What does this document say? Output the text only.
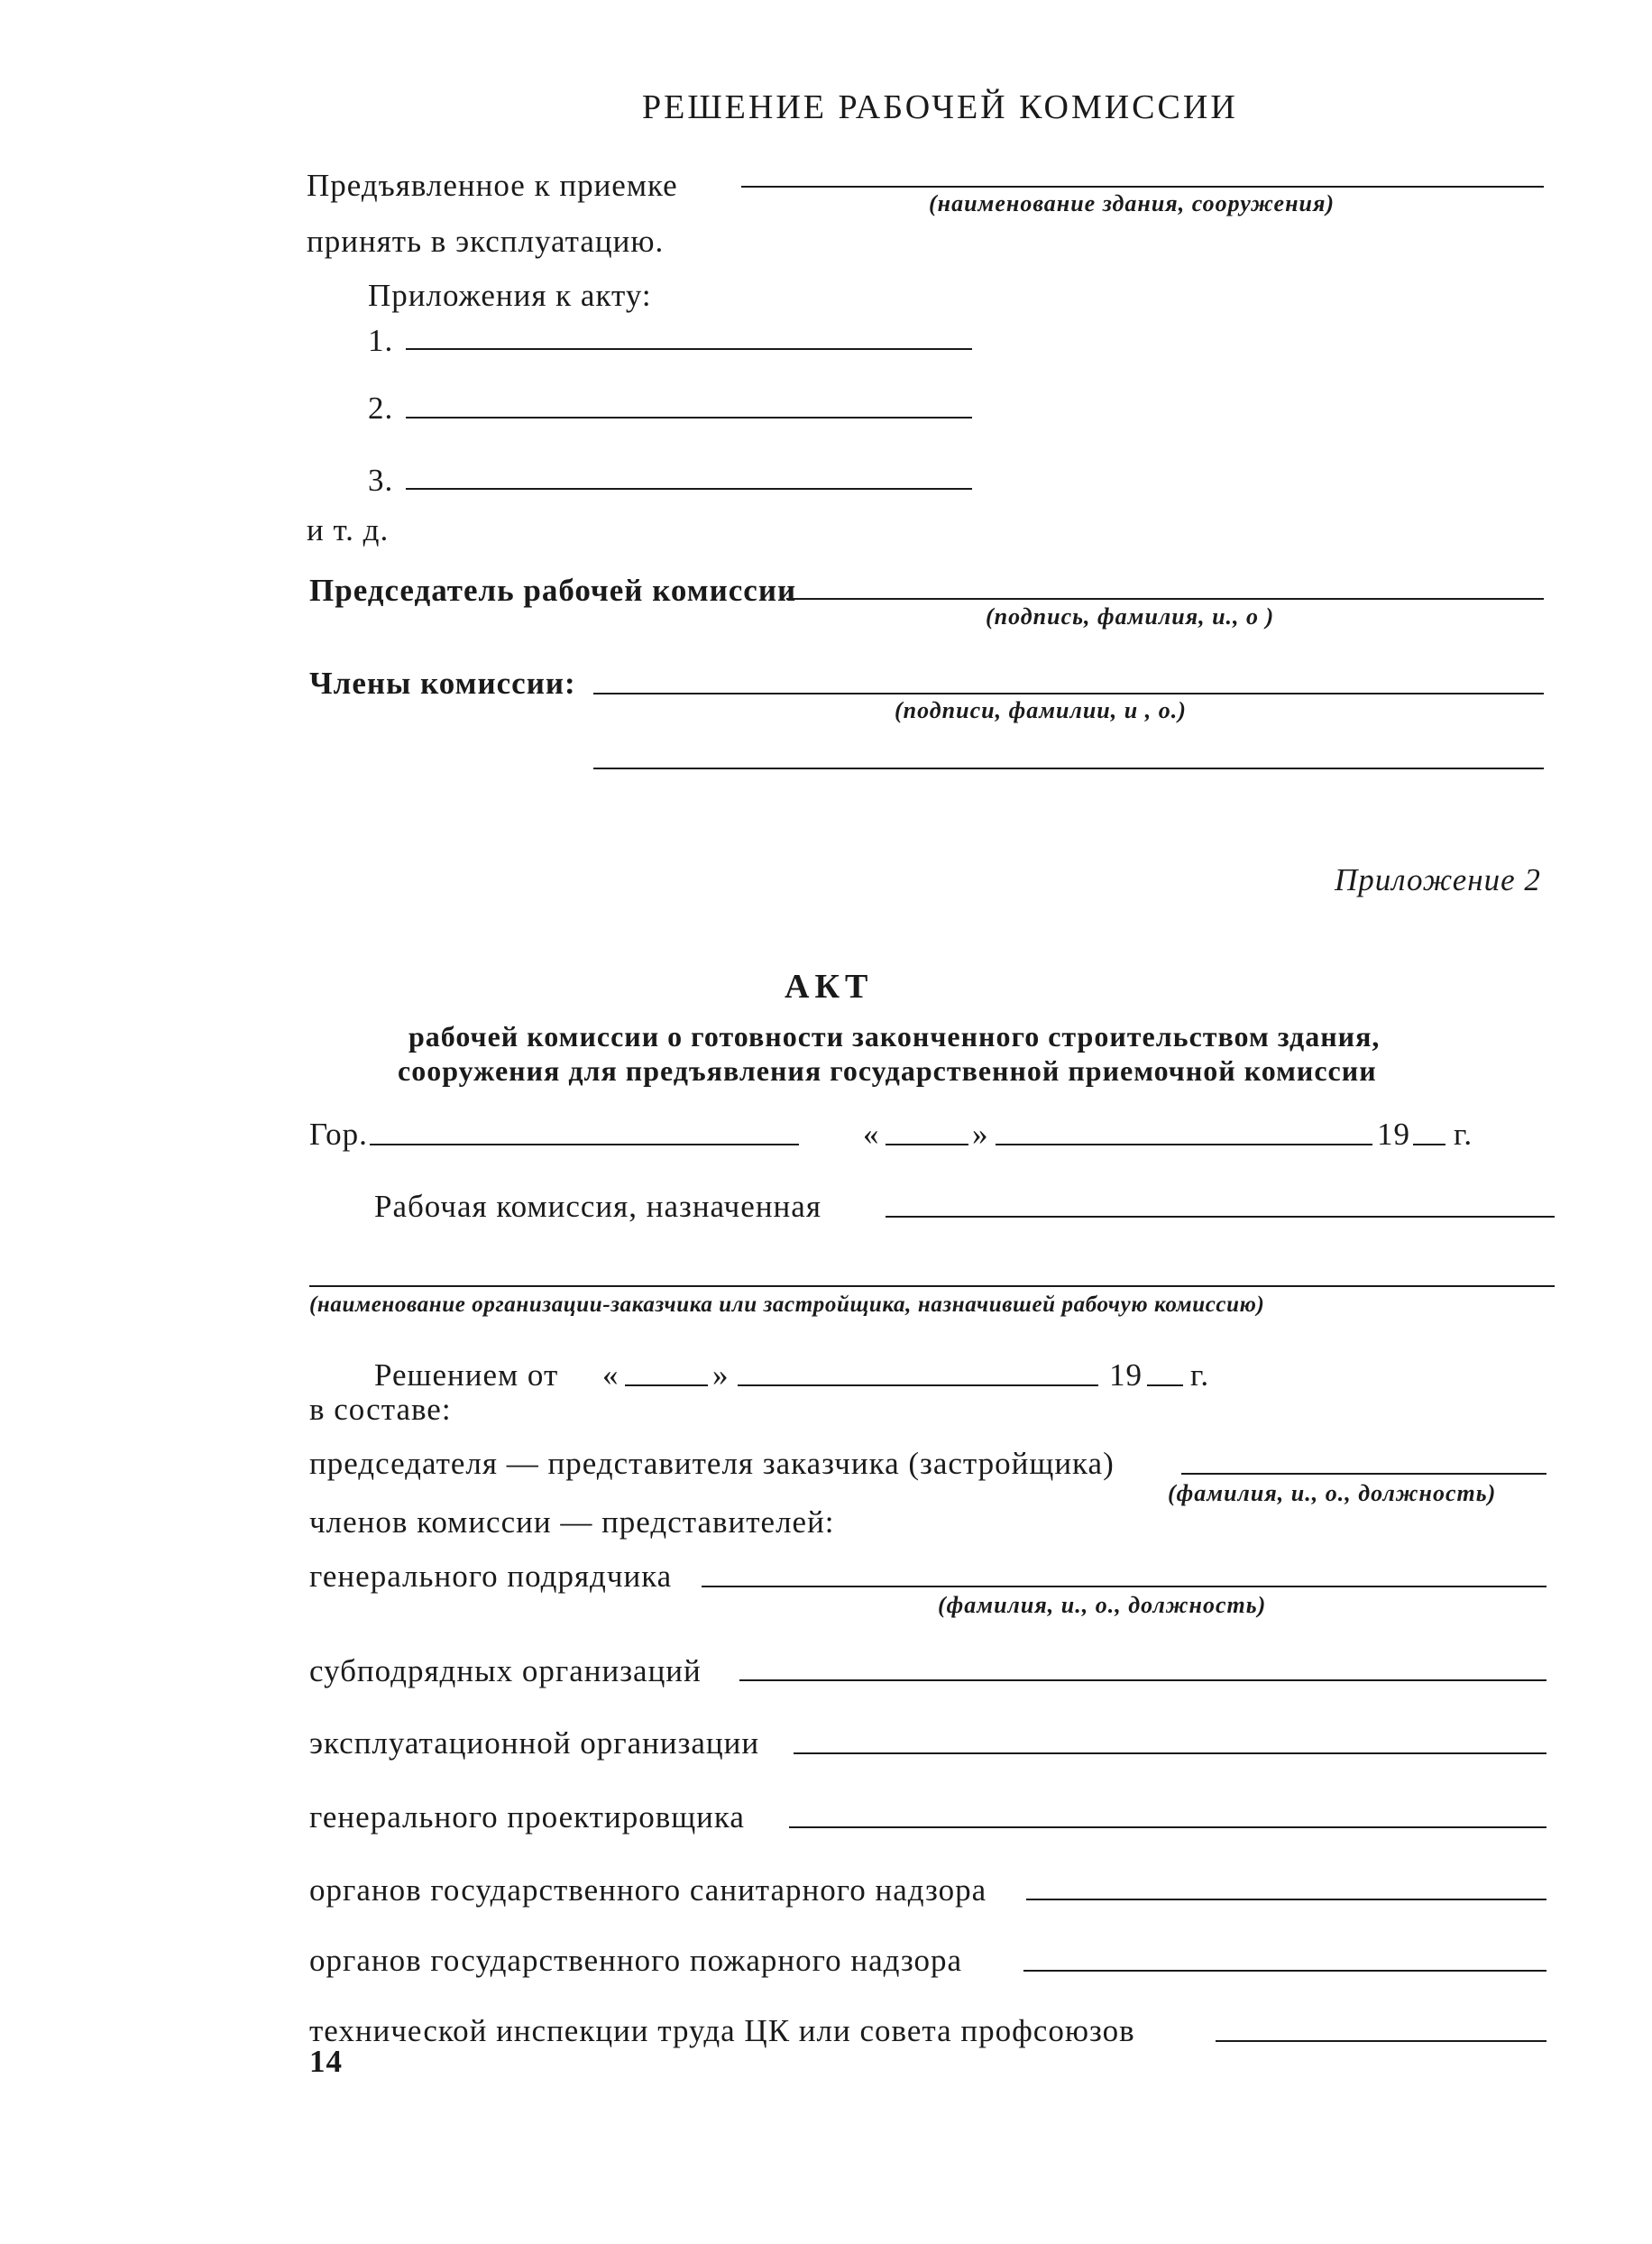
РЕШЕНИЕ РАБОЧЕЙ КОМИССИИ
Предъявленное к приемке
(наименование здания, сооружения)
принять в эксплуатацию.
Приложения к акту:
1.
2.
3.
и т. д.
Председатель рабочей комиссии
(подпись, фамилия, и., о )
Члены комиссии:
(подписи, фамилии, и , о.)
Приложение 2
АКТ
рабочей комиссии о готовности законченного строительством здания,
сооружения для предъявления государственной приемочной комиссии
Гор.	«	»	19 г.
Рабочая комиссия, назначенная
(наименование организации-заказчика или застройщика, назначившей рабочую комиссию)
Решением от «	»	19 г.
в составе:
председателя — представителя заказчика (застройщика)
(фамилия, и., о., должность)
членов комиссии — представителей:
генерального подрядчика
(фамилия, и., о., должность)
субподрядных организаций
эксплуатационной организации
генерального проектировщика
органов государственного санитарного надзора
органов государственного пожарного надзора
технической инспекции труда ЦК или совета профсоюзов
14
